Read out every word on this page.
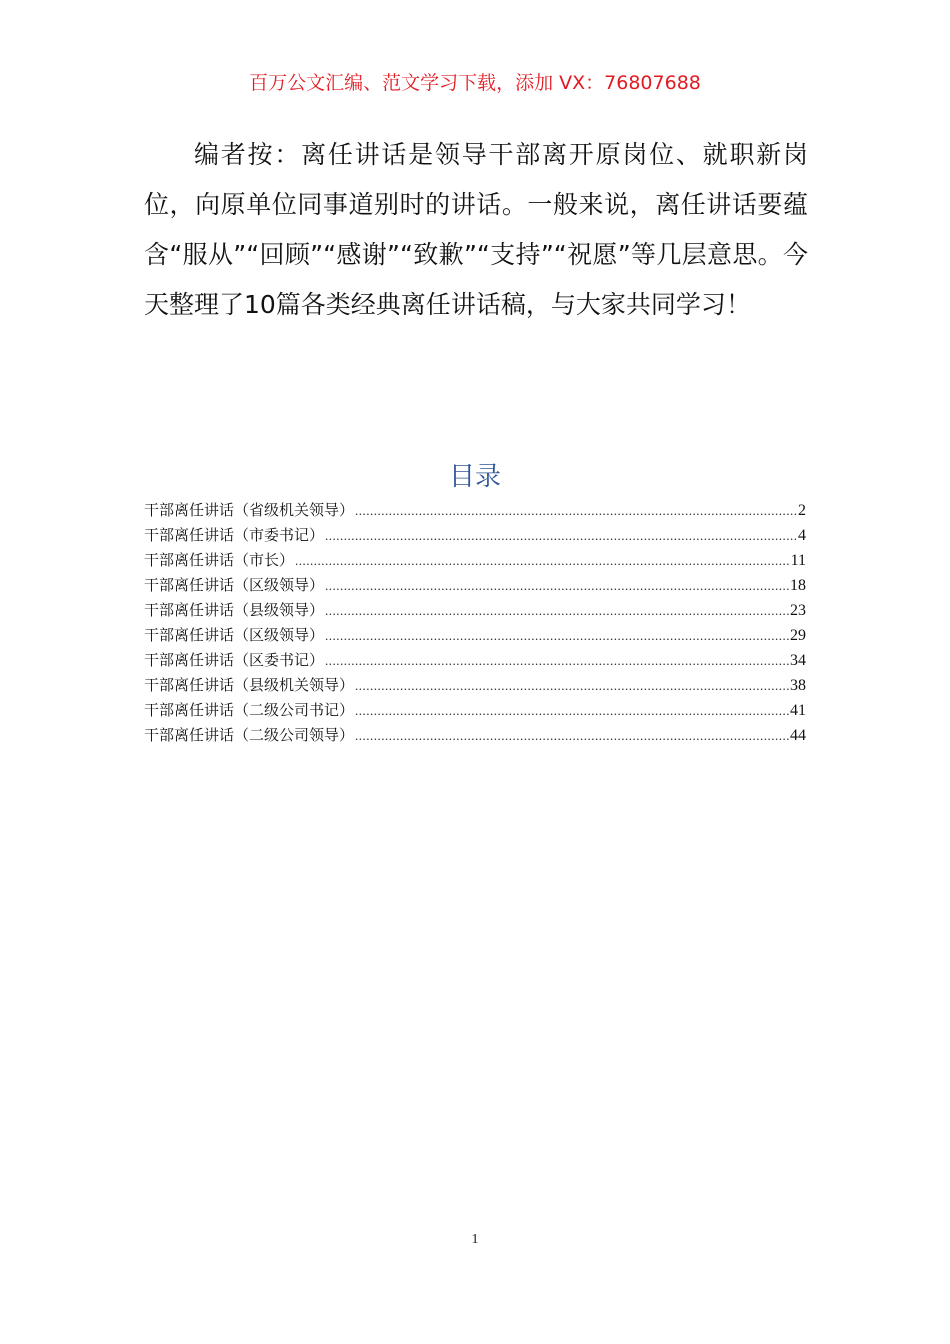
百万公文汇编、范文学习下载，添加 VX：76807688

编者按：离任讲话是领导干部离开原岗位、就职新岗位，向原单位同事道别时的讲话。一般来说，离任讲话要蕴含“服从”“回顾”“感谢”“致歉”“支持”“祝愿”等几层意思。今天整理了10篇各类经典离任讲话稿，与大家共同学习！

目录
干部离任讲话（省级机关领导） .....	2
干部离任讲话（市委书记） .....	4
干部离任讲话（市长） .....	11
干部离任讲话（区级领导） .....	18
干部离任讲话（县级领导） .....	23
干部离任讲话（区级领导） .....	29
干部离任讲话（区委书记） .....	34
干部离任讲话（县级机关领导） .....	38
干部离任讲话（二级公司书记） .....	41
干部离任讲话（二级公司领导） .....	44
1
